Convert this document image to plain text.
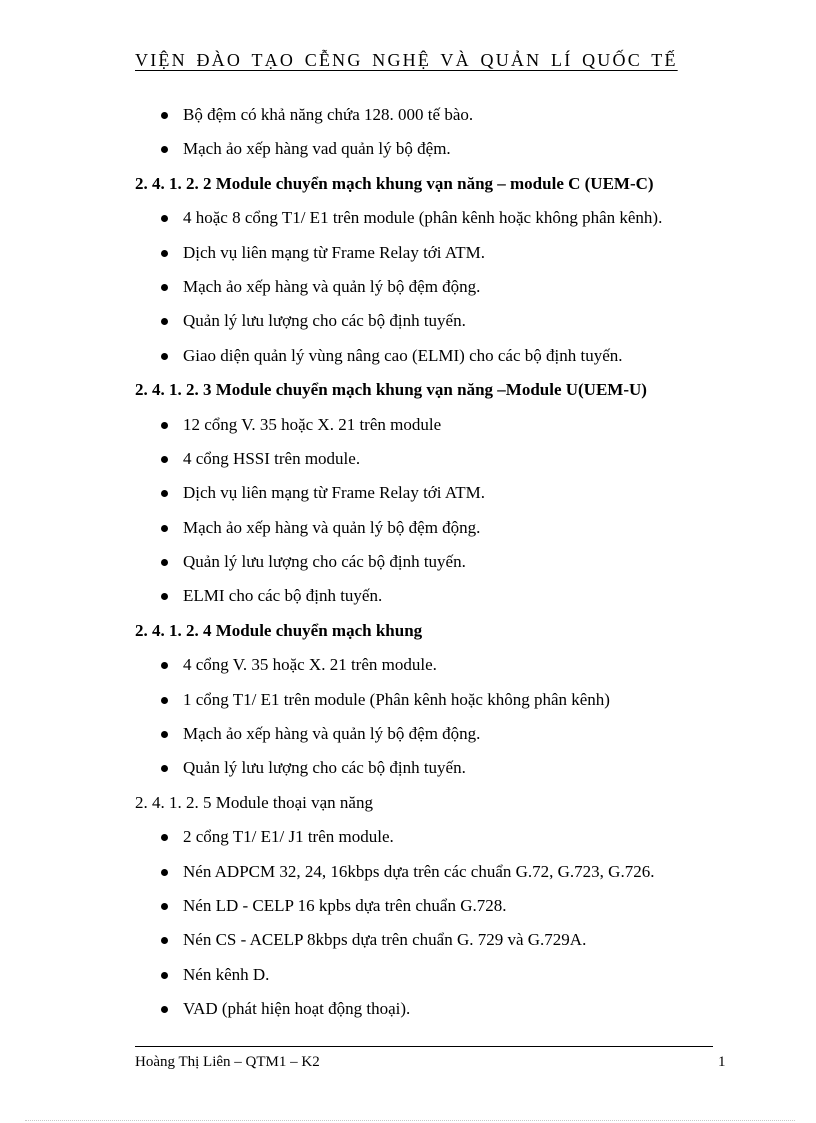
VIỆN ĐÀO TẠO CỄNG NGHỆ VÀ QUẢN LÍ QUỐC TẾ
Bộ đệm có khả năng chứa 128. 000 tế bào.
Mạch ảo xếp hàng vad quản lý bộ đệm.
2. 4. 1. 2. 2 Module chuyển mạch khung vạn năng – module C (UEM-C)
4 hoặc 8 cổng T1/ E1 trên module (phân kênh hoặc không phân kênh).
Dịch vụ liên mạng từ Frame Relay tới ATM.
Mạch ảo xếp hàng và quản lý bộ đệm động.
Quản lý lưu lượng cho các bộ định tuyến.
Giao diện quản lý vùng nâng cao (ELMI) cho các bộ định tuyến.
2. 4. 1. 2. 3 Module chuyển mạch khung vạn năng –Module U(UEM-U)
12 cổng V. 35 hoặc X. 21 trên module
4 cổng HSSI trên module.
Dịch vụ liên mạng từ Frame Relay tới ATM.
Mạch ảo xếp hàng và quản lý bộ đệm động.
Quản lý lưu lượng cho các bộ định tuyến.
ELMI cho các bộ định tuyến.
2. 4. 1. 2. 4 Module chuyển mạch khung
4 cổng V. 35 hoặc X. 21 trên module.
1 cổng T1/ E1 trên module (Phân kênh hoặc không phân kênh)
Mạch ảo xếp hàng và quản lý bộ đệm động.
Quản lý lưu lượng cho các bộ định tuyến.
2. 4. 1. 2. 5 Module thoại vạn năng
2 cổng T1/ E1/ J1 trên module.
Nén ADPCM 32, 24, 16kbps dựa trên các chuẩn G.72, G.723, G.726.
Nén LD - CELP 16 kpbs dựa trên chuẩn G.728.
Nén CS - ACELP 8kbps dựa trên chuẩn G. 729 và G.729A.
Nén kênh D.
VAD (phát hiện hoạt động thoại).
Hoàng Thị Liên – QTM1 – K2	1
